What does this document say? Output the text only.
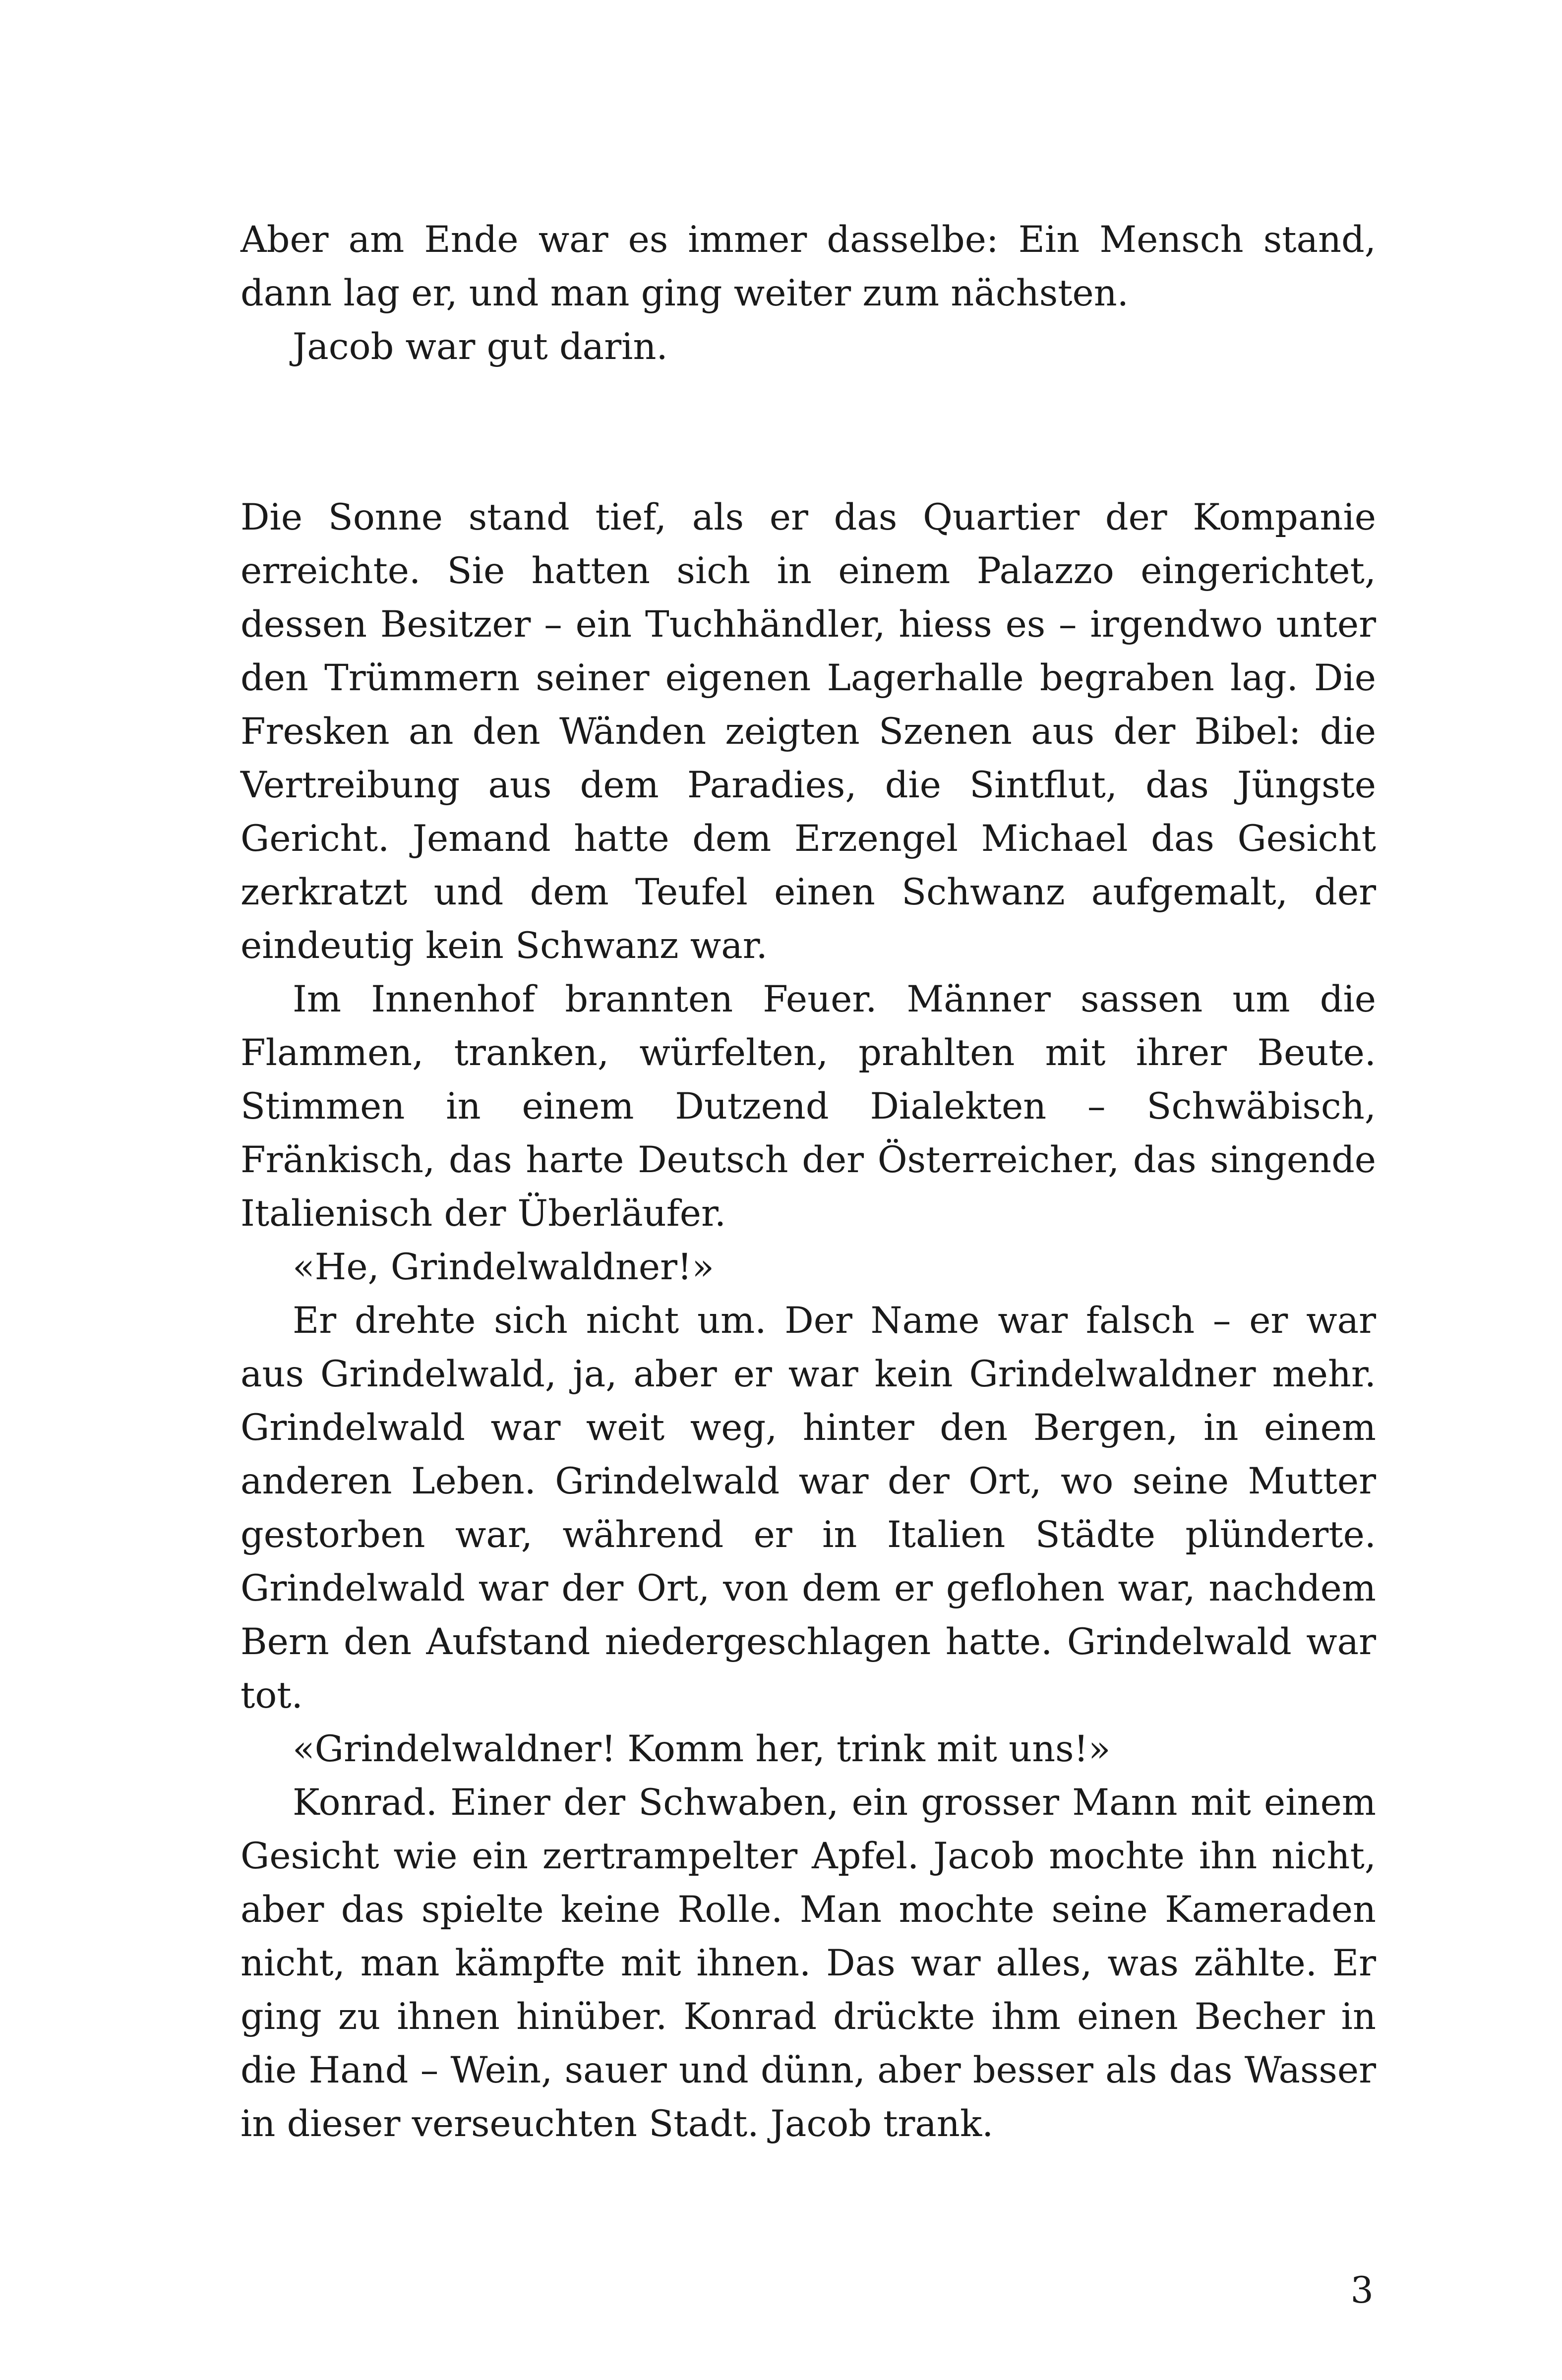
Aber am Ende war es immer dasselbe: Ein Mensch stand, dann lag er, und man ging weiter zum nächsten.

Jacob war gut darin.

Die Sonne stand tief, als er das Quartier der Kompanie erreichte. Sie hatten sich in einem Palazzo eingerichtet, dessen Besitzer – ein Tuchhändler, hiess es – irgendwo unter den Trümmern seiner eigenen Lagerhalle begraben lag. Die Fresken an den Wänden zeigten Szenen aus der Bibel: die Vertreibung aus dem Paradies, die Sintflut, das Jüngste Gericht. Jemand hatte dem Erzengel Michael das Gesicht zerkratzt und dem Teufel einen Schwanz aufgemalt, der eindeutig kein Schwanz war.

Im Innenhof brannten Feuer. Männer sassen um die Flammen, tranken, würfelten, prahlten mit ihrer Beute. Stimmen in einem Dutzend Dialekten – Schwäbisch, Fränkisch, das harte Deutsch der Österreicher, das singende Italienisch der Überläufer.

«He, Grindelwaldner!»

Er drehte sich nicht um. Der Name war falsch – er war aus Grindelwald, ja, aber er war kein Grindelwaldner mehr. Grindelwald war weit weg, hinter den Bergen, in einem anderen Leben. Grindelwald war der Ort, wo seine Mutter gestorben war, während er in Italien Städte plünderte. Grindelwald war der Ort, von dem er geflohen war, nachdem Bern den Aufstand niedergeschlagen hatte. Grindelwald war tot.

«Grindelwaldner! Komm her, trink mit uns!»

Konrad. Einer der Schwaben, ein grosser Mann mit einem Gesicht wie ein zertrampelter Apfel. Jacob mochte ihn nicht, aber das spielte keine Rolle. Man mochte seine Kameraden nicht, man kämpfte mit ihnen. Das war alles, was zählte. Er ging zu ihnen hinüber. Konrad drückte ihm einen Becher in die Hand – Wein, sauer und dünn, aber besser als das Wasser in dieser verseuchten Stadt. Jacob trank.

3
